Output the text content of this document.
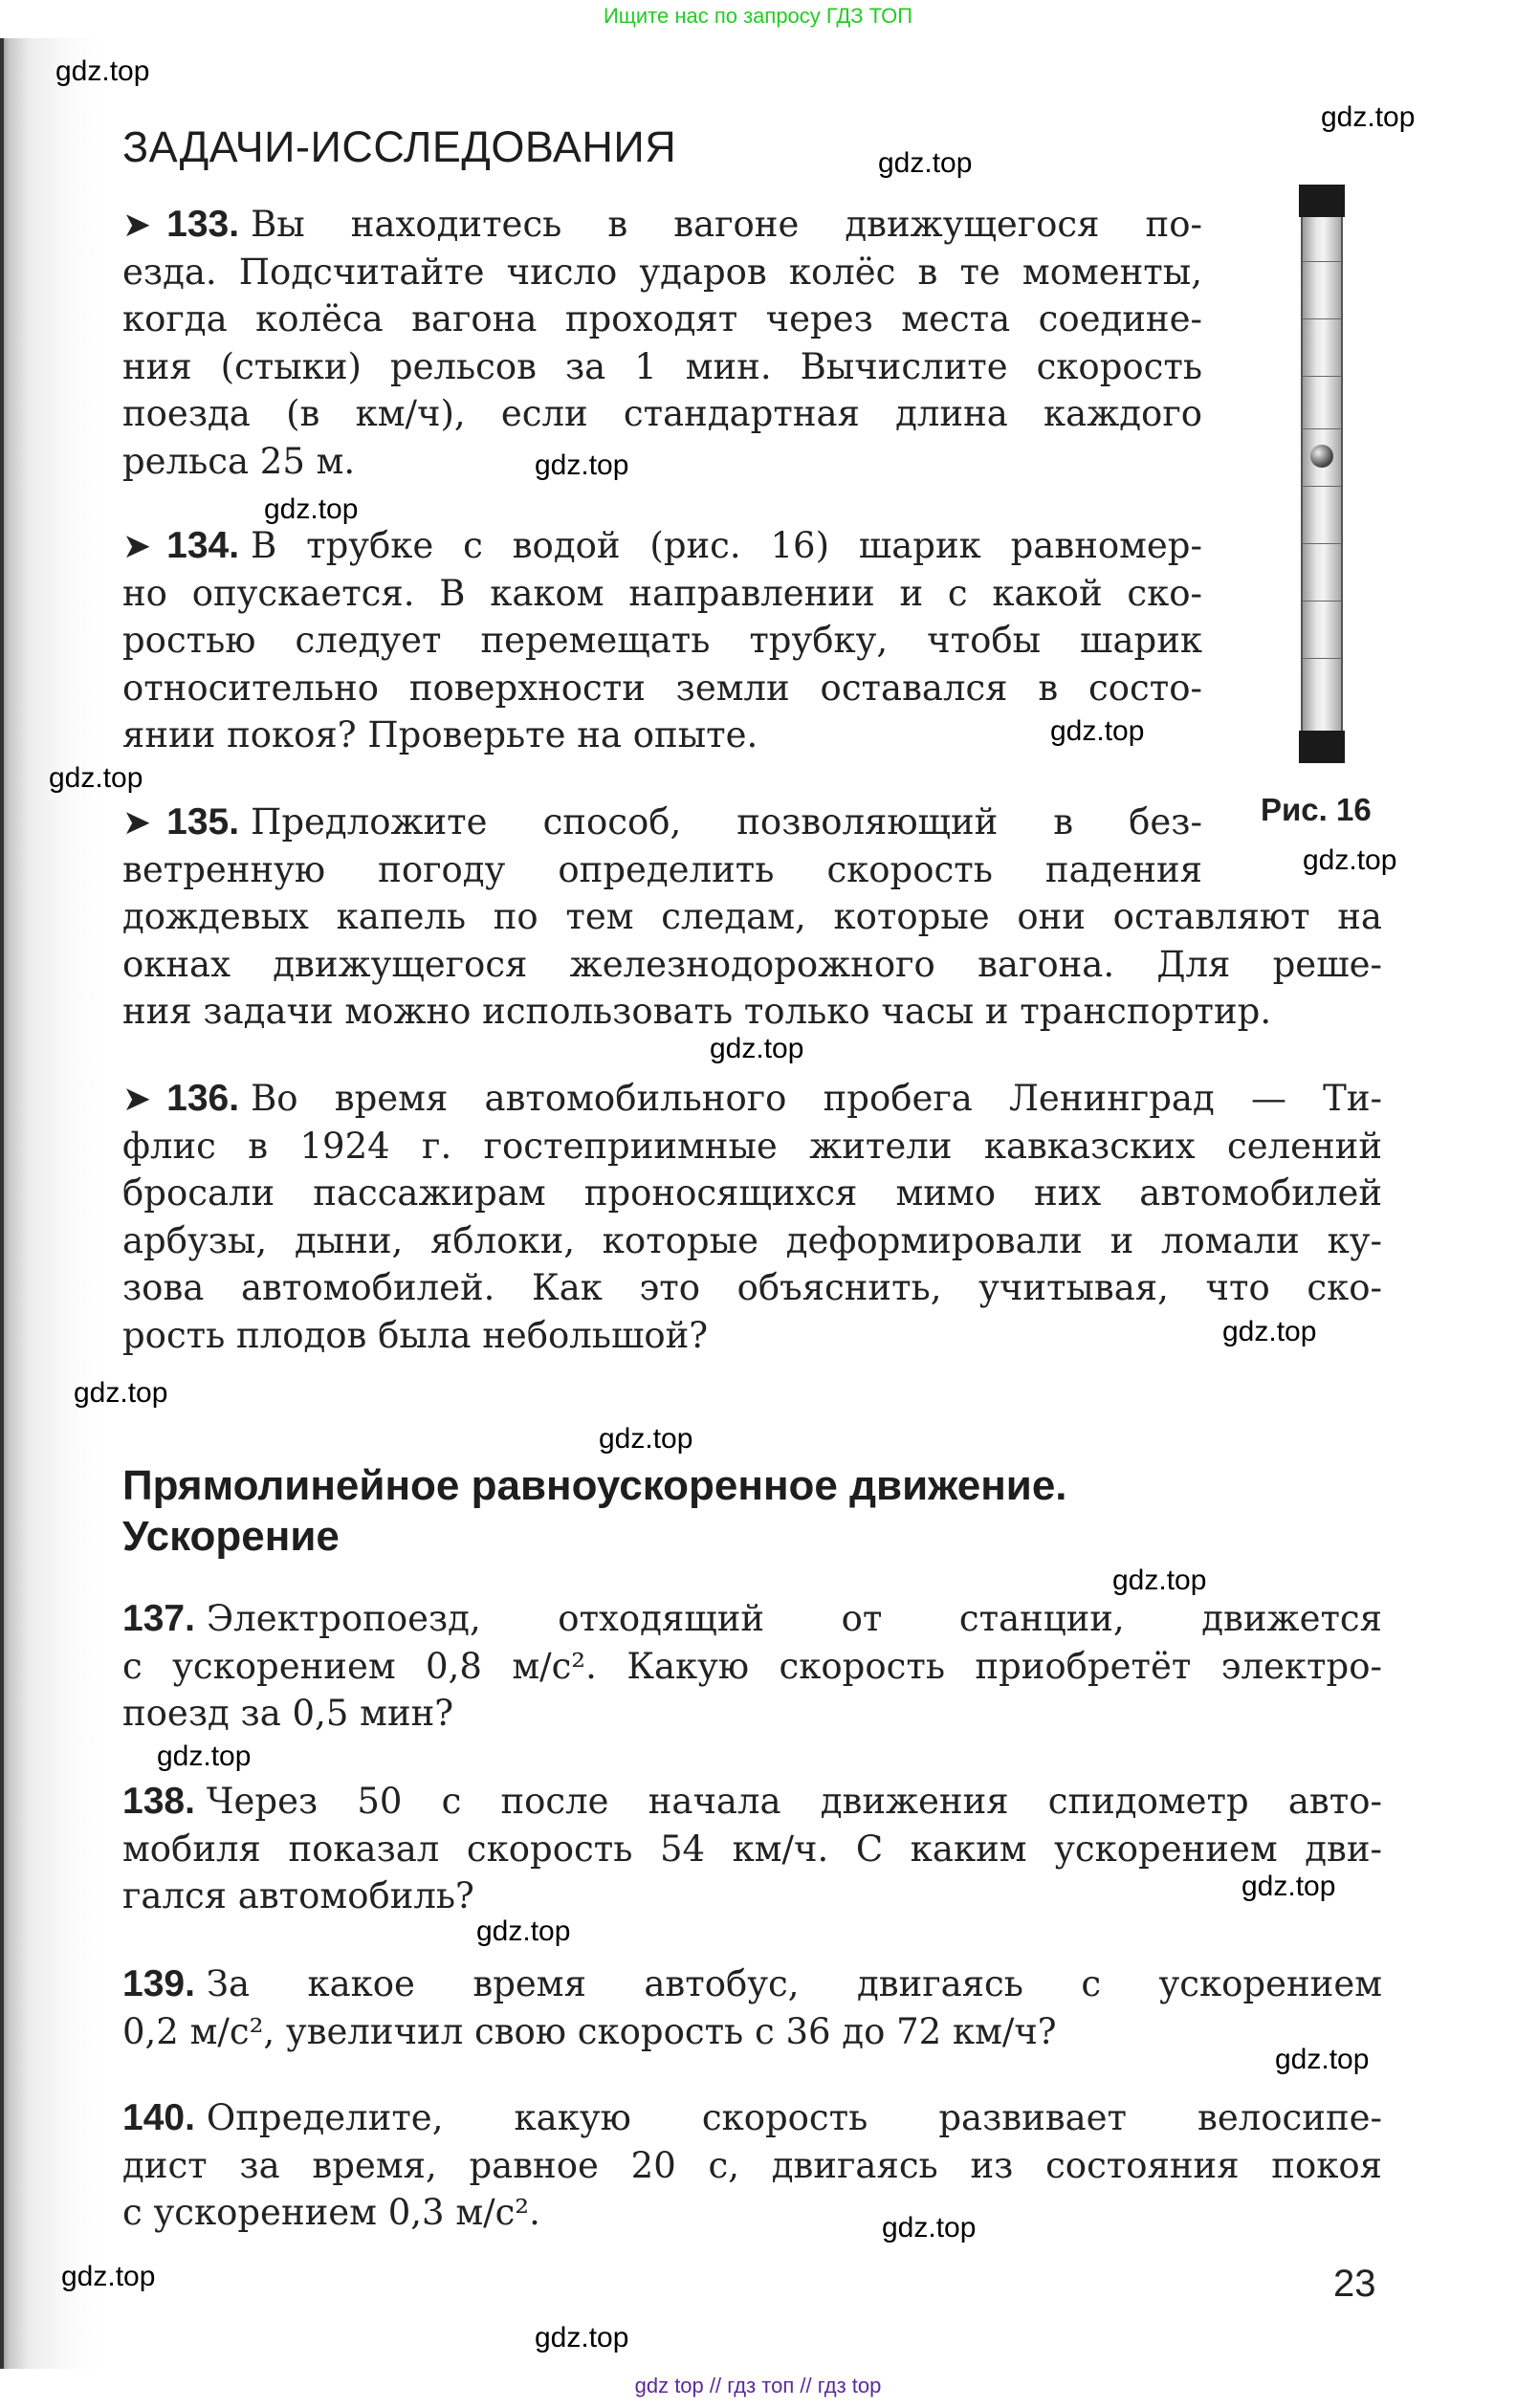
Ищите нас по запросу ГДЗ ТОП
ЗАДАЧИ-ИССЛЕДОВАНИЯ
Прямолинейное равноускоренное движение.
Ускорение
➤ 133. Вы находитесь в вагоне движущегося по-
езда. Подсчитайте число ударов колёс в те моменты,
когда колёса вагона проходят через места соедине-
ния (стыки) рельсов за 1 мин. Вычислите скорость
поезда (в км/ч), если стандартная длина каждого
рельса 25 м.
➤ 134. В трубке с водой (рис. 16) шарик равномер-
но опускается. В каком направлении и с какой ско-
ростью следует перемещать трубку, чтобы шарик
относительно поверхности земли оставался в состо-
янии покоя? Проверьте на опыте.
➤ 135. Предложите способ, позволяющий в без-
ветренную погоду определить скорость падения
дождевых капель по тем следам, которые они оставляют на
окнах движущегося железнодорожного вагона. Для реше-
ния задачи можно использовать только часы и транспортир.
➤ 136. Во время автомобильного пробега Ленинград — Ти-
флис в 1924 г. гостеприимные жители кавказских селений
бросали пассажирам проносящихся мимо них автомобилей
арбузы, дыни, яблоки, которые деформировали и ломали ку-
зова автомобилей. Как это объяснить, учитывая, что ско-
рость плодов была небольшой?
137. Электропоезд, отходящий от станции, движется
с ускорением 0,8 м/с². Какую скорость приобретёт электро-
поезд за 0,5 мин?
138. Через 50 с после начала движения спидометр авто-
мобиля показал скорость 54 км/ч. С каким ускорением дви-
гался автомобиль?
139. За какое время автобус, двигаясь с ускорением
0,2 м/с², увеличил свою скорость с 36 до 72 км/ч?
140. Определите, какую скорость развивает велосипе-
дист за время, равное 20 с, двигаясь из состояния покоя
с ускорением 0,3 м/с².
Рис. 16
23
gdz.top
gdz.top
gdz.top
gdz.top
gdz.top
gdz.top
gdz.top
gdz.top
gdz.top
gdz.top
gdz.top
gdz.top
gdz.top
gdz.top
gdz.top
gdz.top
gdz.top
gdz.top
gdz.top
gdz.top
gdz top // гдз топ // гдз top
